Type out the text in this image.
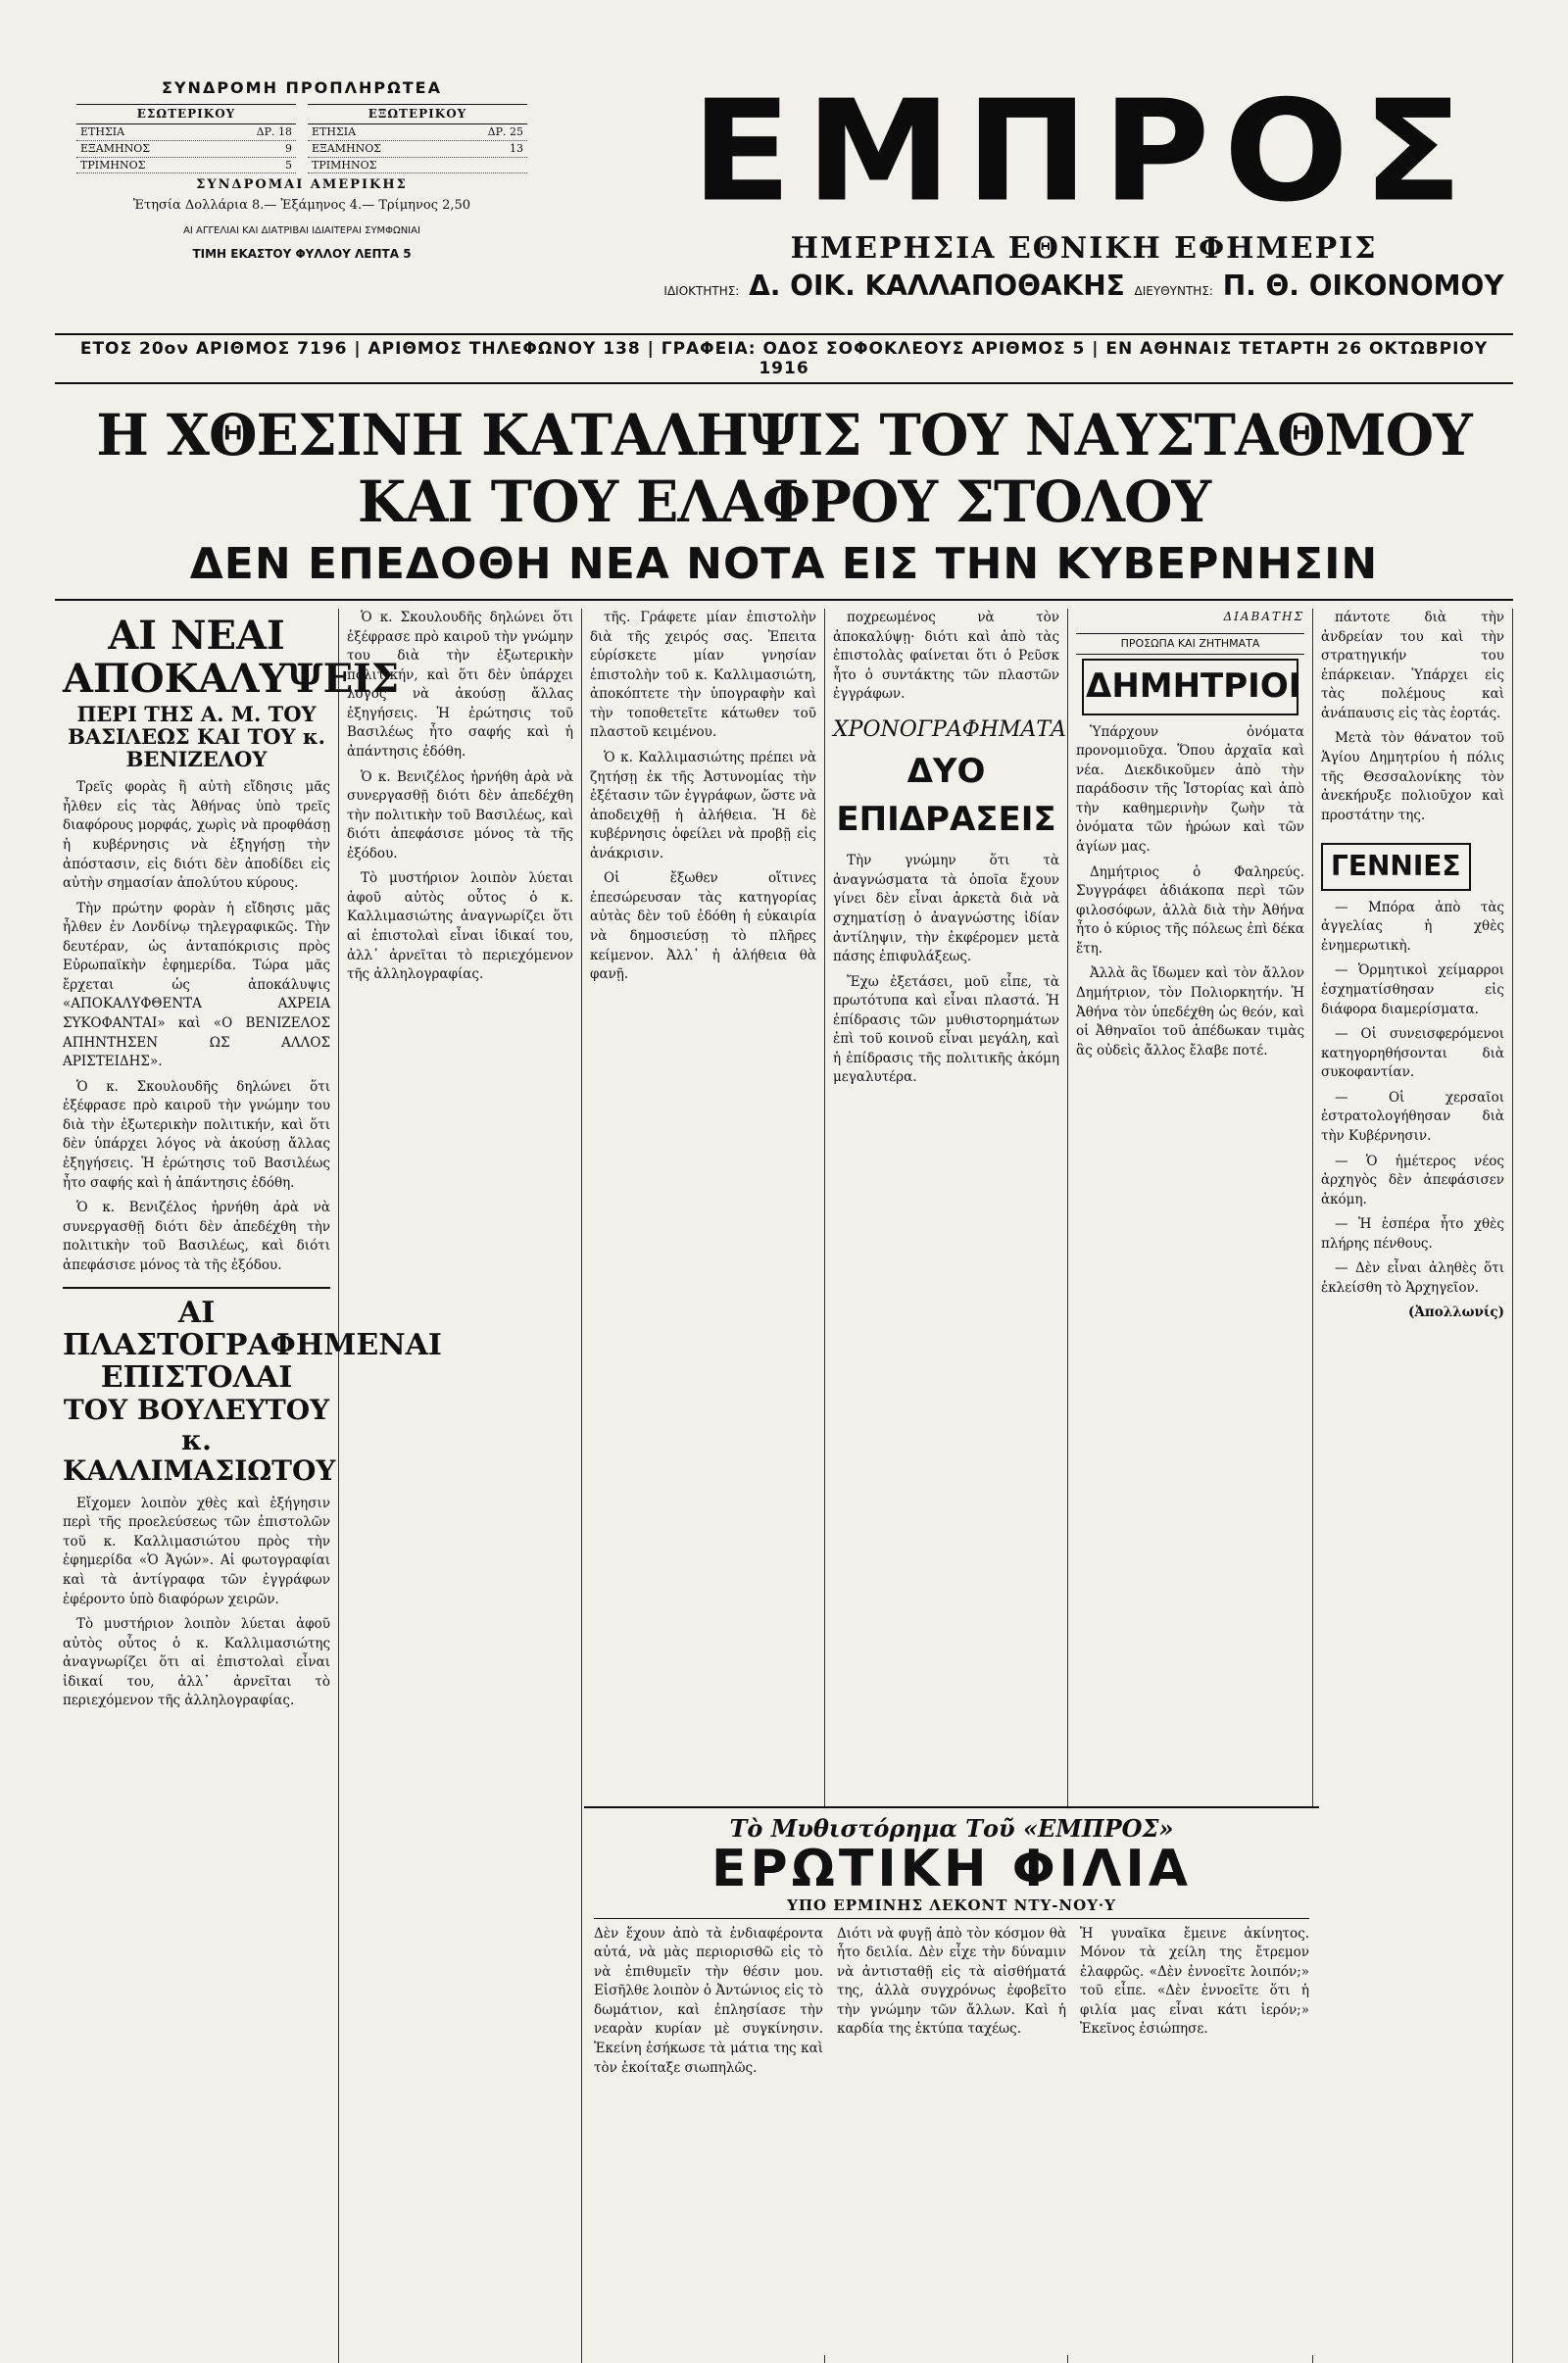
ΣΥΝΔΡΟΜΗ ΠΡΟΠΛΗΡΩΤΕΑ
ΕΣΩΤΕΡΙΚΟΥ
ΕΤΗΣΙΑ	ΔΡ. 18
ΕΞΑΜΗΝΟΣ	9
ΤΡΙΜΗΝΟΣ	5
ΕΞΩΤΕΡΙΚΟΥ
ΕΤΗΣΙΑ	ΔΡ. 25
ΕΞΑΜΗΝΟΣ	13
ΤΡΙΜΗΝΟΣ
ΣΥΝΔΡΟΜΑΙ ΑΜΕΡΙΚΗΣ
Ἐτησία Δολλάρια 8.— Ἑξάμηνος 4.— Τρίμηνος 2,50
ΑΙ ΑΓΓΕΛΙΑΙ ΚΑΙ ΔΙΑΤΡΙΒΑΙ ΙΔΙΑΙΤΕΡΑΙ ΣΥΜΦΩΝΙΑΙ
ΤΙΜΗ ΕΚΑΣΤΟΥ ΦΥΛΛΟΥ ΛΕΠΤΑ 5
ΕΜΠΡΟΣ
ΗΜΕΡΗΣΙΑ ΕΘΝΙΚΗ ΕΦΗΜΕΡΙΣ
ΙΔΙΟΚΤΗΤΗΣ: Δ. ΟΙΚ. ΚΑΛΛΑΠΟΘΑΚΗΣ ΔΙΕΥΘΥΝΤΗΣ: Π. Θ. ΟΙΚΟΝΟΜΟΥ
ΕΤΟΣ 20ον ΑΡΙΘΜΟΣ 7196 | ΑΡΙΘΜΟΣ ΤΗΛΕΦΩΝΟΥ 138 | ΓΡΑΦΕΙΑ: ΟΔΟΣ ΣΟΦΟΚΛΕΟΥΣ ΑΡΙΘΜΟΣ 5 | ΕΝ ΑΘΗΝΑΙΣ ΤΕΤΑΡΤΗ 26 ΟΚΤΩΒΡΙΟΥ 1916
Η ΧΘΕΣΙΝΗ ΚΑΤΑΛΗΨΙΣ ΤΟΥ ΝΑΥΣΤΑΘΜΟΥ ΚΑΙ ΤΟΥ ΕΛΑΦΡΟΥ ΣΤΟΛΟΥ
ΔΕΝ ΕΠΕΔΟΘΗ ΝΕΑ ΝΟΤΑ ΕΙΣ ΤΗΝ ΚΥΒΕΡΝΗΣΙΝ
ΑΙ ΝΕΑΙ ΑΠΟΚΑΛΥΨΕΙΣ
ΠΕΡΙ ΤΗΣ Α. Μ. ΤΟΥ ΒΑΣΙΛΕΩΣ ΚΑΙ ΤΟΥ κ. ΒΕΝΙΖΕΛΟΥ

Τρεῖς φορὰς ἢ αὐτὴ εἴδησις μᾶς ἦλθεν εἰς τὰς Ἀθήνας ὑπὸ τρεῖς διαφόρους μορφάς, χωρὶς νὰ προφθάσῃ ἡ κυβέρνησις νὰ ἐξηγήσῃ τὴν ἀπόστασιν, εἰς διότι δὲν ἀποδίδει εἰς αὐτὴν σημασίαν ἀπολύτου κύρους.

Τὴν πρώτην φορὰν ἡ εἴδησις μᾶς ἦλθεν ἐν Λονδίνῳ τηλεγραφικῶς. Τὴν δευτέραν, ὡς ἀνταπόκρισις πρὸς Εὐρωπαϊκὴν ἐφημερίδα. Τώρα μᾶς ἔρχεται ὡς ἀποκάλυψις «ΑΠΟΚΑΛΥΦΘΕΝΤΑ ΑΧΡΕΙΑ ΣΥΚΟΦΑΝΤΑΙ» καὶ «Ο ΒΕΝΙΖΕΛΟΣ ΑΠΗΝΤΗΣΕΝ ΩΣ ΑΛΛΟΣ ΑΡΙΣΤΕΙΔΗΣ».

Ὁ κ. Σκουλουδῆς δηλώνει ὅτι ἐξέφρασε πρὸ καιροῦ τὴν γνώμην του διὰ τὴν ἐξωτερικὴν πολιτικήν, καὶ ὅτι δὲν ὑπάρχει λόγος νὰ ἀκούσῃ ἄλλας ἐξηγήσεις. Ἡ ἐρώτησις τοῦ Βασιλέως ἦτο σαφής καὶ ἡ ἀπάντησις ἐδόθη.

Ὁ κ. Βενιζέλος ἠρνήθη ἀρὰ νὰ συνεργασθῇ διότι δὲν ἀπεδέχθη τὴν πολιτικὴν τοῦ Βασιλέως, καὶ διότι ἀπεφάσισε μόνος τὰ τῆς ἐξόδου.

ΑΙ ΠΛΑΣΤΟΓΡΑΦΗΜΕΝΑΙ ΕΠΙΣΤΟΛΑΙ
ΤΟΥ ΒΟΥΛΕΥΤΟΥ κ. ΚΑΛΛΙΜΑΣΙΩΤΟΥ

Εἴχομεν λοιπὸν χθὲς καὶ ἐξήγησιν περὶ τῆς προελεύσεως τῶν ἐπιστολῶν τοῦ κ. Καλλιμασιώτου πρὸς τὴν ἐφημερίδα «Ὁ Ἀγών». Αἱ φωτογραφίαι καὶ τὰ ἀντίγραφα τῶν ἐγγράφων ἐφέροντο ὑπὸ διαφόρων χειρῶν.

Τὸ μυστήριον λοιπὸν λύεται ἀφοῦ αὐτὸς οὗτος ὁ κ. Καλλιμασιώτης ἀναγνωρίζει ὅτι αἱ ἐπιστολαὶ εἶναι ἰδικαί του, ἀλλ᾽ ἀρνεῖται τὸ περιεχόμενον τῆς ἀλληλογραφίας.

Ὁ κ. Σκουλουδῆς δηλώνει ὅτι ἐξέφρασε πρὸ καιροῦ τὴν γνώμην του διὰ τὴν ἐξωτερικὴν πολιτικήν, καὶ ὅτι δὲν ὑπάρχει λόγος νὰ ἀκούσῃ ἄλλας ἐξηγήσεις. Ἡ ἐρώτησις τοῦ Βασιλέως ἦτο σαφής καὶ ἡ ἀπάντησις ἐδόθη.

Ὁ κ. Βενιζέλος ἠρνήθη ἀρὰ νὰ συνεργασθῇ διότι δὲν ἀπεδέχθη τὴν πολιτικὴν τοῦ Βασιλέως, καὶ διότι ἀπεφάσισε μόνος τὰ τῆς ἐξόδου.

Τὸ μυστήριον λοιπὸν λύεται ἀφοῦ αὐτὸς οὗτος ὁ κ. Καλλιμασιώτης ἀναγνωρίζει ὅτι αἱ ἐπιστολαὶ εἶναι ἰδικαί του, ἀλλ᾽ ἀρνεῖται τὸ περιεχόμενον τῆς ἀλληλογραφίας.

τῆς. Γράφετε μίαν ἐπιστολὴν διὰ τῆς χειρός σας. Ἐπειτα εὑρίσκετε μίαν γνησίαν ἐπιστολὴν τοῦ κ. Καλλιμασιώτη, ἀποκόπτετε τὴν ὑπογραφὴν καὶ τὴν τοποθετεῖτε κάτωθεν τοῦ πλαστοῦ κειμένου.

Ὁ κ. Καλλιμασιώτης πρέπει νὰ ζητήσῃ ἐκ τῆς Ἀστυνομίας τὴν ἐξέτασιν τῶν ἐγγράφων, ὥστε νὰ ἀποδειχθῇ ἡ ἀλήθεια. Ἡ δὲ κυβέρνησις ὀφείλει νὰ προβῇ εἰς ἀνάκρισιν.

Οἱ ἔξωθεν οἵτινες ἐπεσώρευσαν τὰς κατηγορίας αὐτὰς δὲν τοῦ ἐδόθη ἡ εὐκαιρία νὰ δημοσιεύσῃ τὸ πλῆρες κείμενον. Ἀλλ᾽ ἡ ἀλήθεια θὰ φανῇ.

ποχρεωμένος νὰ τὸν ἀποκαλύψῃ· διότι καὶ ἀπὸ τὰς ἐπιστολὰς φαίνεται ὅτι ὁ Ρεῦσκ ἦτο ὁ συντάκτης τῶν πλαστῶν ἐγγράφων.

ΧΡΟΝΟΓΡΑΦΗΜΑΤΑ
ΔΥΟ ΕΠΙΔΡΑΣΕΙΣ

Τὴν γνώμην ὅτι τὰ ἀναγνώσματα τὰ ὁποῖα ἔχουν γίνει δὲν εἶναι ἀρκετὰ διὰ νὰ σχηματίσῃ ὁ ἀναγνώστης ἰδίαν ἀντίληψιν, τὴν ἐκφέρομεν μετὰ πάσης ἐπιφυλάξεως.

Ἔχω ἐξετάσει, μοῦ εἶπε, τὰ πρωτότυπα καὶ εἶναι πλαστά. Ἡ ἐπίδρασις τῶν μυθιστορημάτων ἐπὶ τοῦ κοινοῦ εἶναι μεγάλη, καὶ ἡ ἐπίδρασις τῆς πολιτικῆς ἀκόμη μεγαλυτέρα.

ΔΙΑΒΑΤΗΣ
ΠΡΟΣΩΠΑ ΚΑΙ ΖΗΤΗΜΑΤΑ
ΔΗΜΗΤΡΙΟΙ

Ὑπάρχουν ὀνόματα προνομιοῦχα. Ὅπου ἀρχαῖα καὶ νέα. Διεκδικοῦμεν ἀπὸ τὴν παράδοσιν τῆς Ἱστορίας καὶ ἀπὸ τὴν καθημερινὴν ζωὴν τὰ ὀνόματα τῶν ἡρώων καὶ τῶν ἁγίων μας.

Δημήτριος ὁ Φαληρεύς. Συγγράφει ἀδιάκοπα περὶ τῶν φιλοσόφων, ἀλλὰ διὰ τὴν Ἀθήνα ἦτο ὁ κύριος τῆς πόλεως ἐπὶ δέκα ἔτη.

Ἀλλὰ ἂς ἴδωμεν καὶ τὸν ἄλλον Δημήτριον, τὸν Πολιορκητήν. Ἡ Ἀθήνα τὸν ὑπεδέχθη ὡς θεόν, καὶ οἱ Ἀθηναῖοι τοῦ ἀπέδωκαν τιμὰς ἃς οὐδεὶς ἄλλος ἔλαβε ποτέ.

πάντοτε διὰ τὴν ἀνδρείαν του καὶ τὴν στρατηγικήν του ἐπάρκειαν. Ὑπάρχει εἰς τὰς πολέμους καὶ ἀνάπαυσις εἰς τὰς ἑορτάς.

Μετὰ τὸν θάνατον τοῦ Ἁγίου Δημητρίου ἡ πόλις τῆς Θεσσαλονίκης τὸν ἀνεκήρυξε πολιοῦχον καὶ προστάτην της.

ΓΕΝΝΙΕΣ

— Μπόρα ἀπὸ τὰς ἀγγελίας ἡ χθὲς ἐνημερωτικὴ.

— Ὁρμητικοὶ χείμαρροι ἐσχηματίσθησαν εἰς διάφορα διαμερίσματα.

— Οἱ συνεισφερόμενοι κατηγορηθήσονται διὰ συκοφαντίαν.

— Οἱ χερσαῖοι ἐστρατολογήθησαν διὰ τὴν Κυβέρνησιν.

— Ὁ ἡμέτερος νέος ἀρχηγὸς δὲν ἀπεφάσισεν ἀκόμη.

— Ἡ ἑσπέρα ἦτο χθὲς πλήρης πένθους.

— Δὲν εἶναι ἀληθὲς ὅτι ἐκλείσθη τὸ Ἁρχηγεῖον.

(Ἀπολλωνίς)
Τὸ Μυθιστόρημα Τοῦ «ΕΜΠΡΟΣ»
ΕΡΩΤΙΚΗ ΦΙΛΙΑ
ΥΠΟ ΕΡΜΙΝΗΣ ΛΕΚΟΝΤ ΝΤΥ-ΝΟΥ·Υ
Δὲν ἔχουν ἀπὸ τὰ ἐνδιαφέροντα αὐτά, νὰ μὰς περιορισθῶ εἰς τὸ νὰ ἐπιθυμεῖν τὴν θέσιν μου. Εἰσῆλθε λοιπὸν ὁ Ἀντώνιος εἰς τὸ δωμάτιον, καὶ ἐπλησίασε τὴν νεαρὰν κυρίαν μὲ συγκίνησιν. Ἐκείνη ἐσήκωσε τὰ μάτια της καὶ τὸν ἐκοίταξε σιωπηλῶς.
Διότι νὰ φυγῇ ἀπὸ τὸν κόσμον θὰ ἦτο δειλία. Δὲν εἶχε τὴν δύναμιν νὰ ἀντισταθῇ εἰς τὰ αἰσθήματά της, ἀλλὰ συγχρόνως ἐφοβεῖτο τὴν γνώμην τῶν ἄλλων. Καὶ ἡ καρδία της ἐκτύπα ταχέως.
Ἡ γυναῖκα ἔμεινε ἀκίνητος. Μόνον τὰ χείλη της ἔτρεμον ἐλαφρῶς. «Δὲν ἐννοεῖτε λοιπόν;» τοῦ εἶπε. «Δὲν ἐννοεῖτε ὅτι ἡ φιλία μας εἶναι κάτι ἰερόν;» Ἐκεῖνος ἐσιώπησε.
